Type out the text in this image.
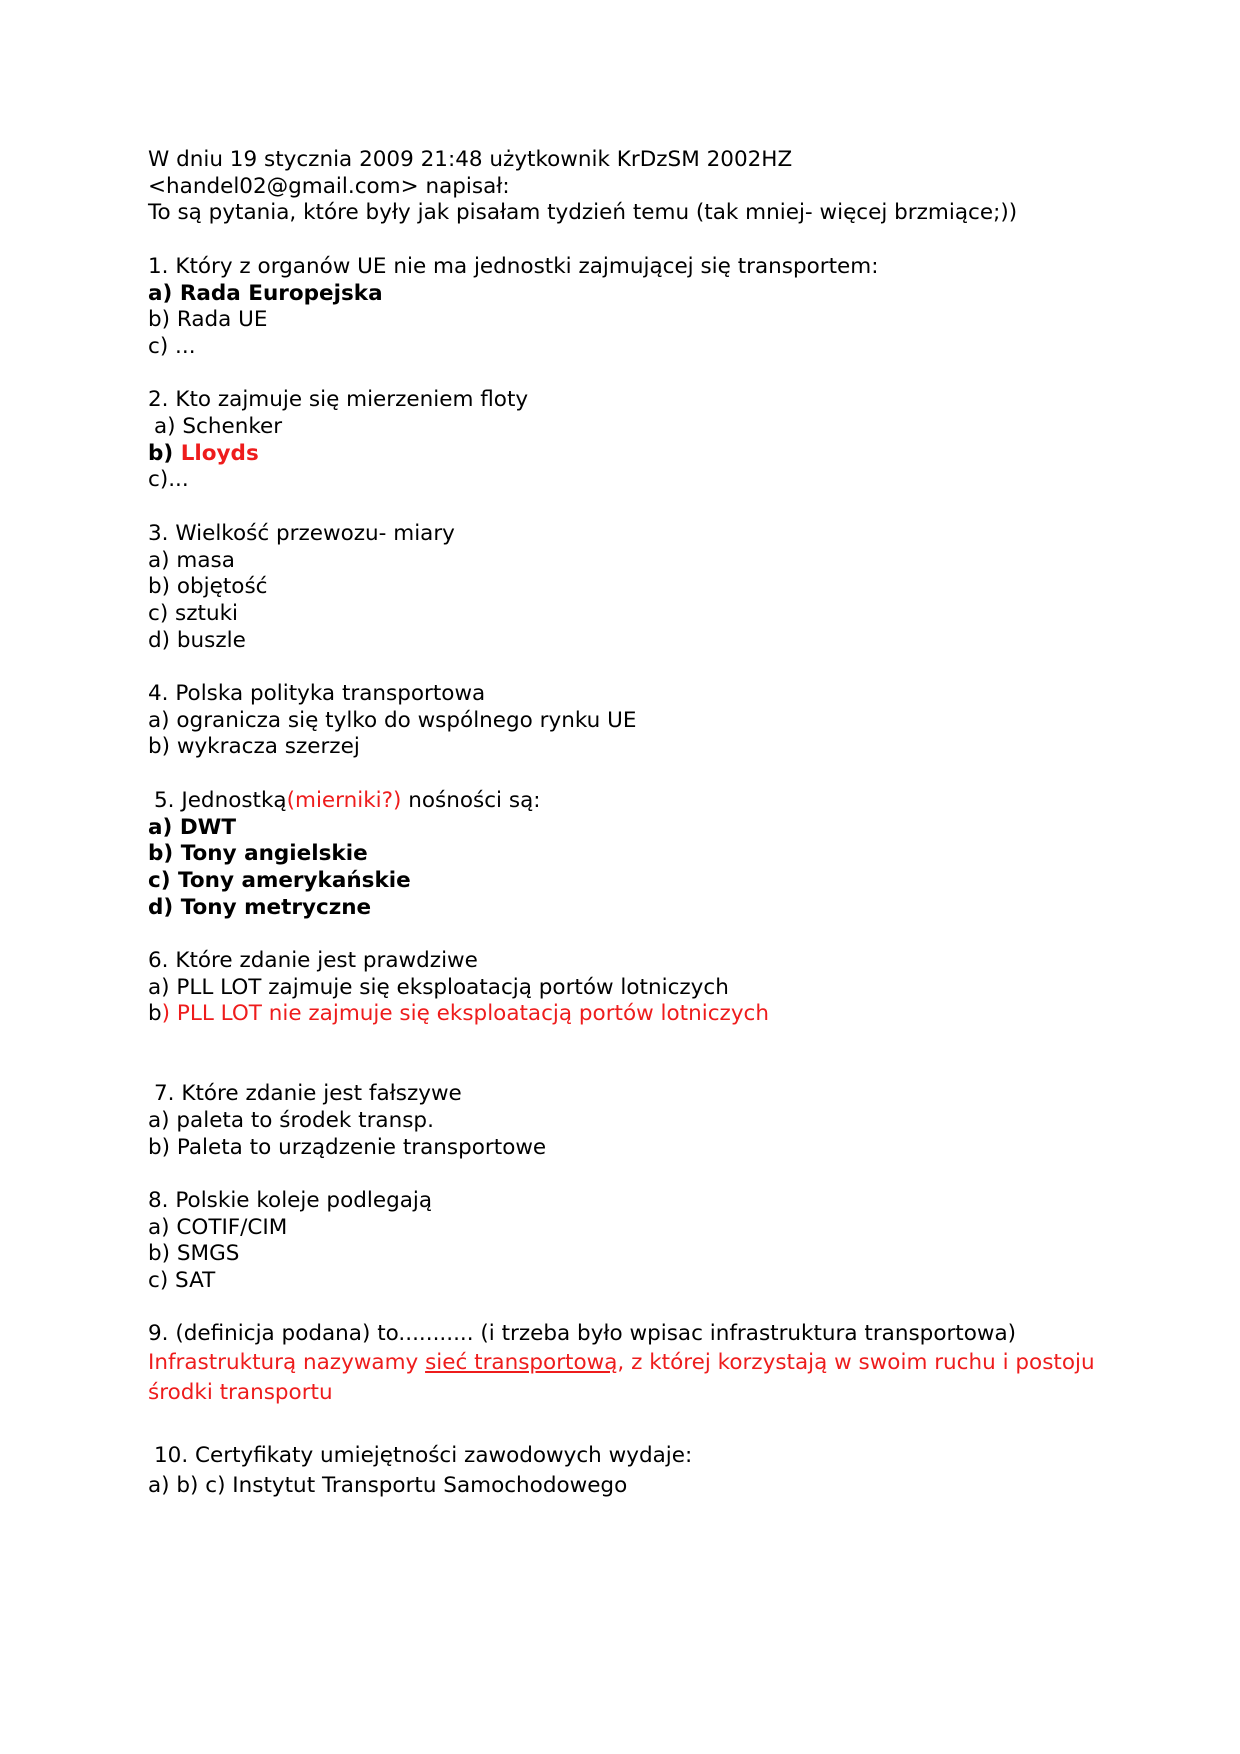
W dniu 19 stycznia 2009 21:48 użytkownik KrDzSM 2002HZ
<handel02@gmail.com> napisał:
To są pytania, które były jak pisałam tydzień temu (tak mniej- więcej brzmiące;))
1. Który z organów UE nie ma jednostki zajmującej się transportem:
a) Rada Europejska
b) Rada UE
c) ...
2. Kto zajmuje się mierzeniem floty
a) Schenker
b) Lloyds
c)...
3. Wielkość przewozu- miary
a) masa
b) objętość
c) sztuki
d) buszle
4. Polska polityka transportowa
a) ogranicza się tylko do wspólnego rynku UE
b) wykracza szerzej
5. Jednostką(mierniki?) nośności są:
a) DWT
b) Tony angielskie
c) Tony amerykańskie
d) Tony metryczne
6. Które zdanie jest prawdziwe
a) PLL LOT zajmuje się eksploatacją portów lotniczych
b) PLL LOT nie zajmuje się eksploatacją portów lotniczych
7. Które zdanie jest fałszywe
a) paleta to środek transp.
b) Paleta to urządzenie transportowe
8. Polskie koleje podlegają
a) COTIF/CIM
b) SMGS
c) SAT
9. (definicja podana) to........... (i trzeba było wpisac infrastruktura transportowa)
Infrastrukturą nazywamy sieć transportową, z której korzystają w swoim ruchu i postoju środki transportu
10. Certyfikaty umiejętności zawodowych wydaje:
a) b) c) Instytut Transportu Samochodowego
